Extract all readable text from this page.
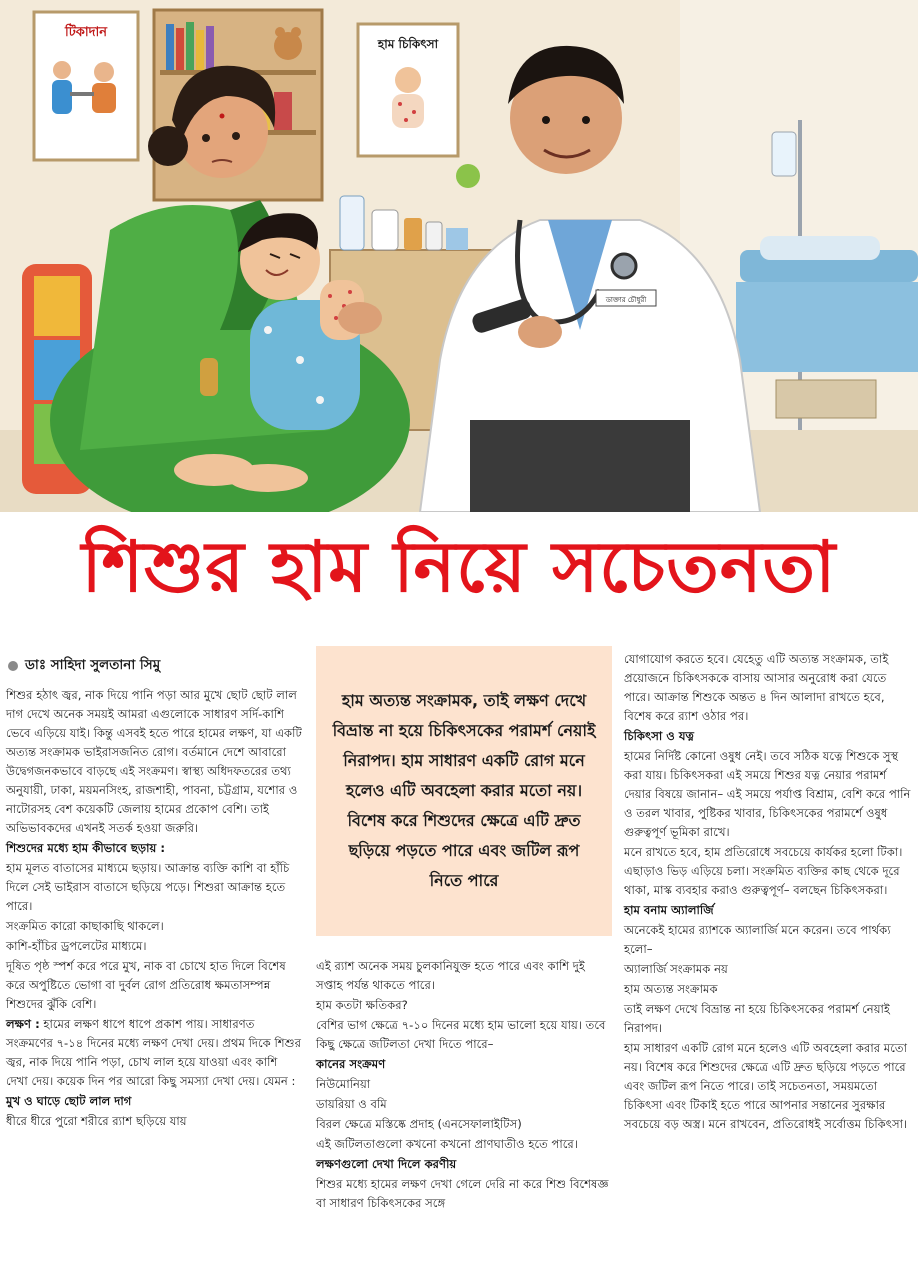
টিকাদান
হাম চিকিৎসা
ডাক্তার চৌধুরী
শিশুর হাম নিয়ে সচেতনতা
ডাঃ সাহিদা সুলতানা সিমু

শিশুর হঠাৎ জ্বর, নাক দিয়ে পানি পড়া আর মুখে ছোট ছোট লাল দাগ দেখে অনেক সময়ই আমরা এগুলোকে সাধারণ সর্দি-কাশি ভেবে এড়িয়ে যাই। কিন্তু এসবই হতে পারে হামের লক্ষণ, যা একটি অত্যন্ত সংক্রামক ভাইরাসজনিত রোগ। বর্তমানে দেশে আবারো উদ্বেগজনকভাবে বাড়ছে এই সংক্রমণ। স্বাস্থ্য অধিদফতরের তথ্য অনুযায়ী, ঢাকা, ময়মনসিংহ, রাজশাহী, পাবনা, চট্টগ্রাম, যশোর ও নাটোরসহ বেশ কয়েকটি জেলায় হামের প্রকোপ বেশি। তাই অভিভাবকদের এখনই সতর্ক হওয়া জরুরি।

শিশুদের মধ্যে হাম কীভাবে ছড়ায় :

হাম মূলত বাতাসের মাধ্যমে ছড়ায়। আক্রান্ত ব্যক্তি কাশি বা হাঁচি দিলে সেই ভাইরাস বাতাসে ছড়িয়ে পড়ে। শিশুরা আক্রান্ত হতে পারে।

সংক্রমিত কারো কাছাকাছি থাকলে।

কাশি-হাঁচির ড্রপলেটের মাধ্যমে।

দূষিত পৃষ্ঠ স্পর্শ করে পরে মুখ, নাক বা চোখে হাত দিলে বিশেষ করে অপুষ্টিতে ভোগা বা দুর্বল রোগ প্রতিরোধ ক্ষমতাসম্পন্ন শিশুদের ঝুঁকি বেশি।

লক্ষণ : হামের লক্ষণ ধাপে ধাপে প্রকাশ পায়। সাধারণত সংক্রমণের ৭-১৪ দিনের মধ্যে লক্ষণ দেখা দেয়। প্রথম দিকে শিশুর জ্বর, নাক দিয়ে পানি পড়া, চোখ লাল হয়ে যাওয়া এবং কাশি দেখা দেয়। কয়েক দিন পর আরো কিছু সমস্যা দেখা দেয়। যেমন :

মুখ ও ঘাড়ে ছোট লাল দাগ

ধীরে ধীরে পুরো শরীরে র‍্যাশ ছড়িয়ে যায়

হাম অত্যন্ত সংক্রামক, তাই লক্ষণ দেখে বিভ্রান্ত না হয়ে চিকিৎসকের পরামর্শ নেয়াই নিরাপদ। হাম সাধারণ একটি রোগ মনে হলেও এটি অবহেলা করার মতো নয়। বিশেষ করে শিশুদের ক্ষেত্রে এটি দ্রুত ছড়িয়ে পড়তে পারে এবং জটিল রূপ নিতে পারে

এই র‍্যাশ অনেক সময় চুলকানিযুক্ত হতে পারে এবং কাশি দুই সপ্তাহ পর্যন্ত থাকতে পারে।

হাম কতটা ক্ষতিকর?

বেশির ভাগ ক্ষেত্রে ৭-১০ দিনের মধ্যে হাম ভালো হয়ে যায়। তবে কিছু ক্ষেত্রে জটিলতা দেখা দিতে পারে–

কানের সংক্রমণ

নিউমোনিয়া

ডায়রিয়া ও বমি

বিরল ক্ষেত্রে মস্তিষ্কে প্রদাহ (এনসেফালাইটিস)

এই জটিলতাগুলো কখনো কখনো প্রাণঘাতীও হতে পারে।

লক্ষণগুলো দেখা দিলে করণীয়

শিশুর মধ্যে হামের লক্ষণ দেখা গেলে দেরি না করে শিশু বিশেষজ্ঞ বা সাধারণ চিকিৎসকের সঙ্গে

যোগাযোগ করতে হবে। যেহেতু এটি অত্যন্ত সংক্রামক, তাই প্রয়োজনে চিকিৎসককে বাসায় আসার অনুরোধ করা যেতে পারে। আক্রান্ত শিশুকে অন্তত ৪ দিন আলাদা রাখতে হবে, বিশেষ করে র‍্যাশ ওঠার পর।

চিকিৎসা ও যত্ন

হামের নির্দিষ্ট কোনো ওষুধ নেই। তবে সঠিক যত্নে শিশুকে সুস্থ করা যায়। চিকিৎসকরা এই সময়ে শিশুর যত্ন নেয়ার পরামর্শ দেয়ার বিষয়ে জানান– এই সময়ে পর্যাপ্ত বিশ্রাম, বেশি করে পানি ও তরল খাবার, পুষ্টিকর খাবার, চিকিৎসকের পরামর্শে ওষুধ গুরুত্বপূর্ণ ভূমিকা রাখে।

মনে রাখতে হবে, হাম প্রতিরোধে সবচেয়ে কার্যকর হলো টিকা। এছাড়াও ভিড় এড়িয়ে চলা। সংক্রমিত ব্যক্তির কাছ থেকে দূরে থাকা, মাস্ক ব্যবহার করাও গুরুত্বপূর্ণ– বলছেন চিকিৎসকরা।

হাম বনাম অ্যালার্জি

অনেকেই হামের র‍্যাশকে অ্যালার্জি মনে করেন। তবে পার্থক্য হলো–

অ্যালার্জি সংক্রামক নয়

হাম অত্যন্ত সংক্রামক

তাই লক্ষণ দেখে বিভ্রান্ত না হয়ে চিকিৎসকের পরামর্শ নেয়াই নিরাপদ।

হাম সাধারণ একটি রোগ মনে হলেও এটি অবহেলা করার মতো নয়। বিশেষ করে শিশুদের ক্ষেত্রে এটি দ্রুত ছড়িয়ে পড়তে পারে এবং জটিল রূপ নিতে পারে। তাই সচেতনতা, সময়মতো চিকিৎসা এবং টিকাই হতে পারে আপনার সন্তানের সুরক্ষার সবচেয়ে বড় অস্ত্র। মনে রাখবেন, প্রতিরোধই সর্বোত্তম চিকিৎসা।
